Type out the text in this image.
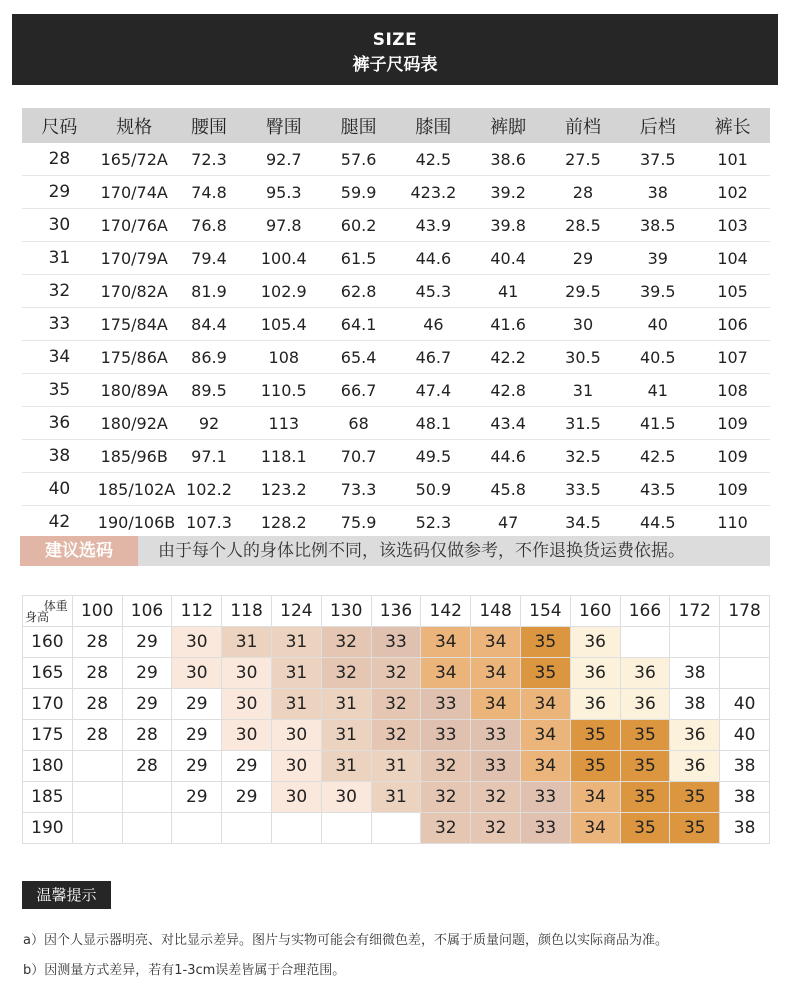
SIZE
裤子尺码表
尺码	规格	腰围	臀围	腿围	膝围	裤脚	前档	后档	裤长
28	165/72A	72.3	92.7	57.6	42.5	38.6	27.5	37.5	101
29	170/74A	74.8	95.3	59.9	423.2	39.2	28	38	102
30	170/76A	76.8	97.8	60.2	43.9	39.8	28.5	38.5	103
31	170/79A	79.4	100.4	61.5	44.6	40.4	29	39	104
32	170/82A	81.9	102.9	62.8	45.3	41	29.5	39.5	105
33	175/84A	84.4	105.4	64.1	46	41.6	30	40	106
34	175/86A	86.9	108	65.4	46.7	42.2	30.5	40.5	107
35	180/89A	89.5	110.5	66.7	47.4	42.8	31	41	108
36	180/92A	92	113	68	48.1	43.4	31.5	41.5	109
38	185/96B	97.1	118.1	70.7	49.5	44.6	32.5	42.5	109
40	185/102A	102.2	123.2	73.3	50.9	45.8	33.5	43.5	109
42	190/106B	107.3	128.2	75.9	52.3	47	34.5	44.5	110
建议选码	由于每个人的身体比例不同，该选码仅做参考，不作退换货运费依据。
体重
身高	100	106	112	118	124	130	136	142	148	154	160	166	172	178
160	28	29	30	31	31	32	33	34	34	35	36			
165	28	29	30	30	31	32	32	34	34	35	36	36	38	
170	28	29	29	30	31	31	32	33	34	34	36	36	38	40
175	28	28	29	30	30	31	32	33	33	34	35	35	36	40
180		28	29	29	30	31	31	32	33	34	35	35	36	38
185			29	29	30	30	31	32	32	33	34	35	35	38
190								32	32	33	34	35	35	38
温馨提示
a）因个人显示器明亮、对比显示差异。图片与实物可能会有细微色差，不属于质量问题，颜色以实际商品为准。
b）因测量方式差异，若有1-3cm误差皆属于合理范围。
